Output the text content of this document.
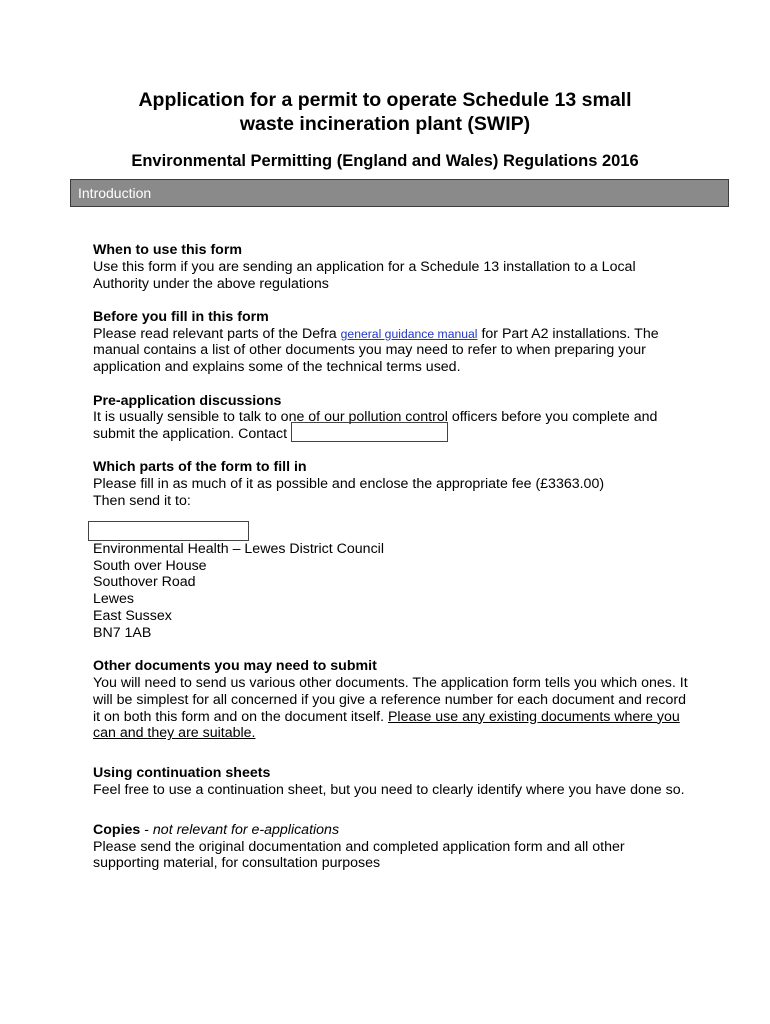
Application for a permit to operate Schedule 13 small
waste incineration plant (SWIP)
Environmental Permitting (England and Wales) Regulations 2016
Introduction
When to use this form

Use this form if you are sending an application for a Schedule 13 installation to a Local Authority under the above regulations

Before you fill in this form

Please read relevant parts of the Defra general guidance manual for Part A2 installations. The manual contains a list of other documents you may need to refer to when preparing your application and explains some of the technical terms used.

Pre-application discussions

It is usually sensible to talk to one of our pollution control officers before you complete and submit the application. Contact

Which parts of the form to fill in

Please fill in as much of it as possible and enclose the appropriate fee (£3363.00)

Then send it to:

Environmental Health – Lewes District Council

South over House

Southover Road

Lewes

East Sussex

BN7 1AB

Other documents you may need to submit

You will need to send us various other documents. The application form tells you which ones. It will be simplest for all concerned if you give a reference number for each document and record it on both this form and on the document itself. Please use any existing documents where you can and they are suitable.

Using continuation sheets

Feel free to use a continuation sheet, but you need to clearly identify where you have done so.

Copies - not relevant for e-applications

Please send the original documentation and completed application form and all other supporting material, for consultation purposes
